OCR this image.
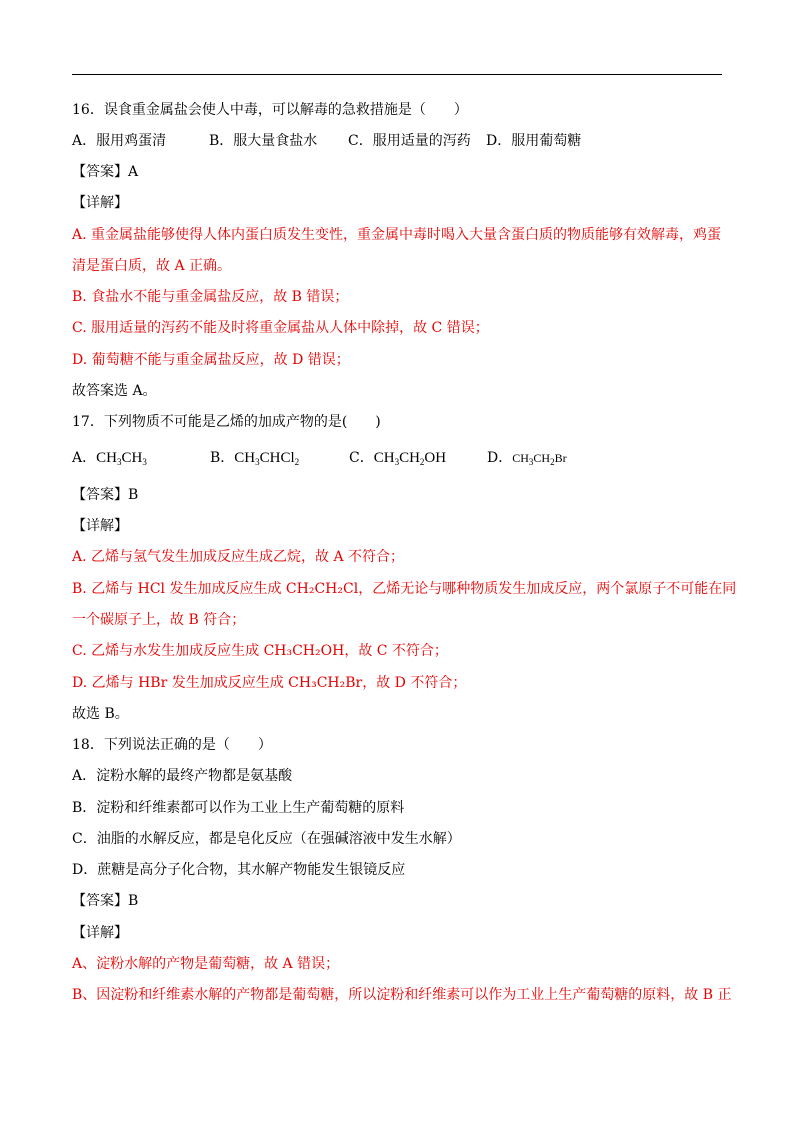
16．误食重金属盐会使人中毒，可以解毒的急救措施是（　　）
A．服用鸡蛋清	B．服大量食盐水	C．服用适量的泻药	D．服用葡萄糖
【答案】A
【详解】
A. 重金属盐能够使得人体内蛋白质发生变性，重金属中毒时喝入大量含蛋白质的物质能够有效解毒，鸡蛋
清是蛋白质，故 A 正确。
B. 食盐水不能与重金属盐反应，故 B 错误；
C. 服用适量的泻药不能及时将重金属盐从人体中除掉，故 C 错误；
D. 葡萄糖不能与重金属盐反应，故 D 错误；
故答案选 A。
17．下列物质不可能是乙烯的加成产物的是(　　)
A．$CH_3CH_3$	B．$CH_3CHCl_2$	C．$CH_3CH_2OH$	D．$CH_3CH_2Br$
【答案】B
【详解】
A. 乙烯与氢气发生加成反应生成乙烷，故 A 不符合；
B. 乙烯与 HCl 发生加成反应生成 CH₂CH₂Cl，乙烯无论与哪种物质发生加成反应，两个氯原子不可能在同
一个碳原子上，故 B 符合；
C. 乙烯与水发生加成反应生成 CH₃CH₂OH，故 C 不符合；
D. 乙烯与 HBr 发生加成反应生成 CH₃CH₂Br，故 D 不符合；
故选 B。
18．下列说法正确的是（　　）
A．淀粉水解的最终产物都是氨基酸
B．淀粉和纤维素都可以作为工业上生产葡萄糖的原料
C．油脂的水解反应，都是皂化反应（在强碱溶液中发生水解）
D．蔗糖是高分子化合物，其水解产物能发生银镜反应
【答案】B
【详解】
A、淀粉水解的产物是葡萄糖，故 A 错误；
B、因淀粉和纤维素水解的产物都是葡萄糖，所以淀粉和纤维素可以作为工业上生产葡萄糖的原料，故 B 正
